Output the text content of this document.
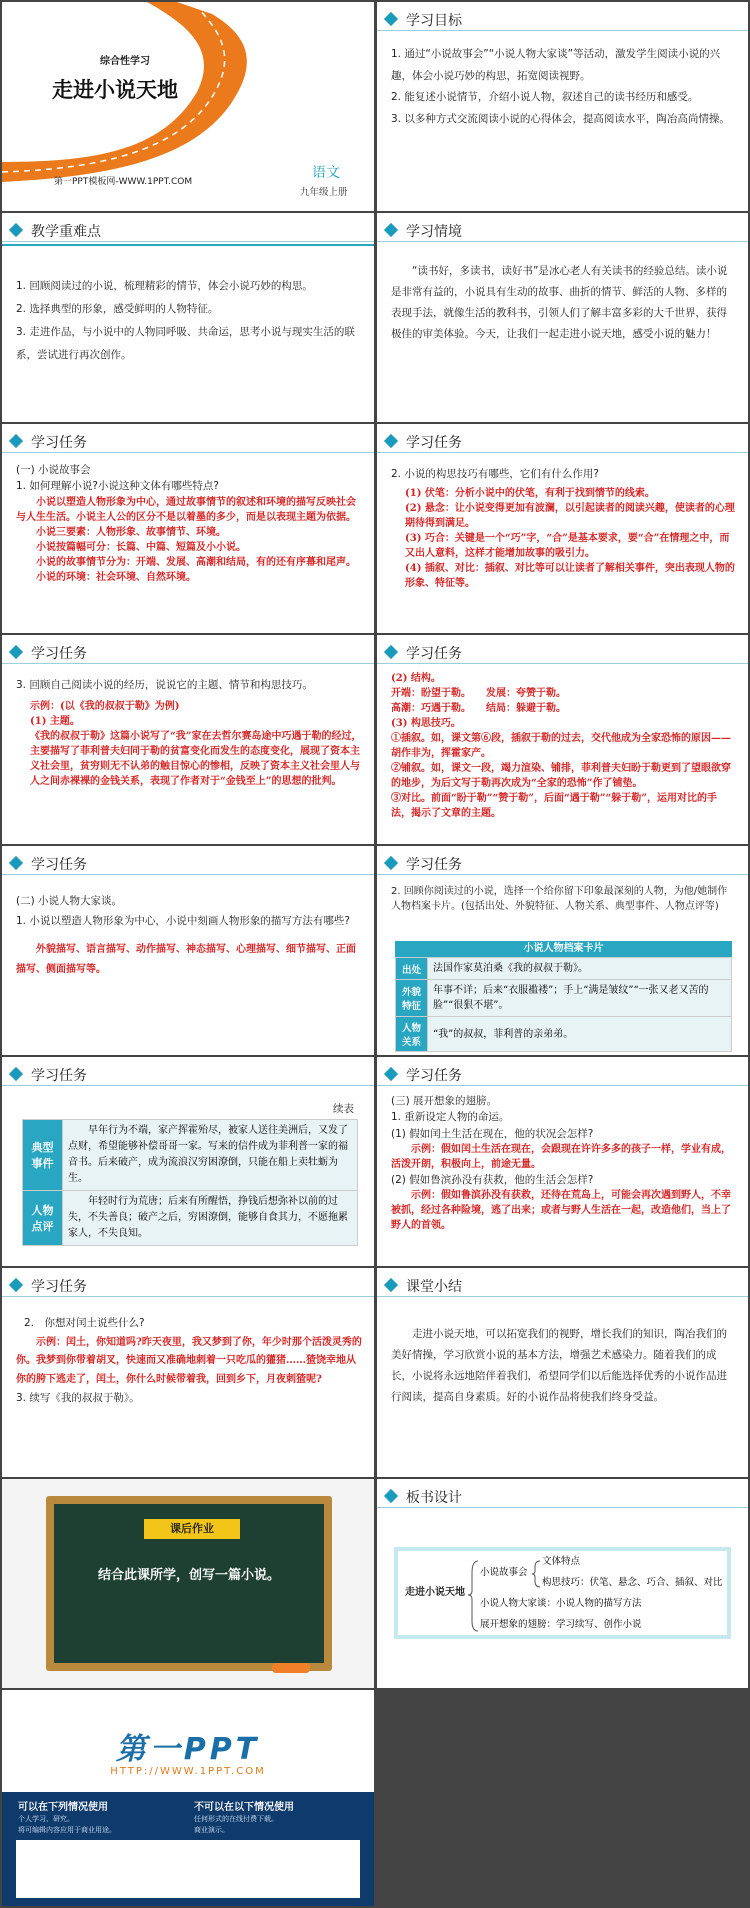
综合性学习
走进小说天地
第一PPT模板网-WWW.1PPT.COM
语文
九年级上册
学习目标

1. 通过“小说故事会”“小说人物大家谈”等活动，激发学生阅读小说的兴趣，体会小说巧妙的构思，拓宽阅读视野。

2. 能复述小说情节，介绍小说人物，叙述自己的读书经历和感受。

3. 以多种方式交流阅读小说的心得体会，提高阅读水平，陶冶高尚情操。

教学重难点

1. 回顾阅读过的小说，梳理精彩的情节，体会小说巧妙的构思。

2. 选择典型的形象，感受鲜明的人物特征。

3. 走进作品，与小说中的人物同呼吸、共命运，思考小说与现实生活的联系，尝试进行再次创作。

学习情境

“读书好，多读书，读好书”是冰心老人有关读书的经验总结。读小说是非常有益的，小说具有生动的故事、曲折的情节、鲜活的人物、多样的表现手法，就像生活的教科书，引领人们了解丰富多彩的大千世界，获得极佳的审美体验。今天，让我们一起走进小说天地，感受小说的魅力！

学习任务

(一) 小说故事会

1. 如何理解小说?小说这种文体有哪些特点?

小说以塑造人物形象为中心，通过故事情节的叙述和环境的描写反映社会与人生生活。小说主人公的区分不是以着墨的多少，而是以表现主题为依据。

小说三要素：人物形象、故事情节、环境。

小说按篇幅可分：长篇、中篇、短篇及小小说。

小说的故事情节分为：开端、发展、高潮和结局，有的还有序幕和尾声。

小说的环境：社会环境、自然环境。

学习任务

2. 小说的构思技巧有哪些，它们有什么作用?

(1) 伏笔：分析小说中的伏笔，有利于找到情节的线索。

(2) 悬念：让小说变得更加有波澜，以引起读者的阅读兴趣，使读者的心理期待得到满足。

(3) 巧合：关键是一个“巧”字，“合”是基本要求，要“合”在情理之中，而又出人意料，这样才能增加故事的吸引力。

(4) 插叙、对比：插叙、对比等可以让读者了解相关事件，突出表现人物的形象、特征等。

学习任务

3. 回顾自己阅读小说的经历，说说它的主题、情节和构思技巧。

示例：(以《我的叔叔于勒》为例)

(1) 主题。

《我的叔叔于勒》这篇小说写了“我”家在去哲尔赛岛途中巧遇于勒的经过，主要描写了菲利普夫妇同于勒的贫富变化而发生的态度变化，展现了资本主义社会里，贫穷则无不认弟的触目惊心的惨相，反映了资本主义社会里人与人之间赤裸裸的金钱关系，表现了作者对于“金钱至上”的思想的批判。

学习任务

(2) 结构。

开端：盼望于勒。　　发展：夸赞于勒。

高潮：巧遇于勒。　　结局：躲避于勒。

(3) 构思技巧。

①插叙。如，课文第⑥段，插叙于勒的过去，交代他成为全家恐怖的原因——胡作非为，挥霍家产。

②铺叙。如，课文一段，竭力渲染、铺排，菲利普夫妇盼于勒更到了望眼欲穿的地步，为后文写于勒再次成为“全家的恐怖”作了铺垫。

③对比。前面“盼于勒”“赞于勒”，后面“遇于勒”“躲于勒”，运用对比的手法，揭示了文章的主题。

学习任务

(二) 小说人物大家谈。

1. 小说以塑造人物形象为中心，小说中刻画人物形象的描写方法有哪些?

外貌描写、语言描写、动作描写、神态描写、心理描写、细节描写、正面描写、侧面描写等。

学习任务

2. 回顾你阅读过的小说，选择一个给你留下印象最深刻的人物，为他/她制作人物档案卡片。(包括出处、外貌特征、人物关系、典型事件、人物点评等)

小说人物档案卡片
出处	法国作家莫泊桑《我的叔叔于勒》。
外貌特征	年事不详；后来“衣服褴褛”；手上“满是皱纹”“一张又老又苦的脸”“很狠不堪”。
人物关系	“我”的叔叔，菲利普的亲弟弟。
学习任务
续表
典型事件	早年行为不端，家产挥霍殆尽，被家人送往美洲后，又发了点财，希望能够补偿哥哥一家。写来的信件成为菲利普一家的福音书。后来破产，成为流浪汉穷困潦倒，只能在船上卖牡蛎为生。
人物点评	年轻时行为荒唐；后来有所醒悟，挣钱后想弥补以前的过失，不失善良；破产之后，穷困潦倒，能够自食其力，不愿拖累家人，不失良知。
学习任务

(三) 展开想象的翅膀。

1. 重新设定人物的命运。

(1) 假如闰土生活在现在，他的状况会怎样?

示例：假如闰土生活在现在，会跟现在许许多多的孩子一样，学业有成，活泼开朗，积极向上，前途无量。

(2) 假如鲁滨孙没有获救，他的生活会怎样?

示例：假如鲁滨孙没有获救，还待在荒岛上，可能会再次遇到野人，不幸被抓，经过各种险境，逃了出来；或者与野人生活在一起，改造他们，当上了野人的首领。

学习任务

2.　你想对闰土说些什么?

示例：闰土，你知道吗?昨天夜里，我又梦到了你，年少时那个活泼灵秀的你。我梦到你带着胡叉，快速而又准确地刺着一只吃瓜的獾猪……猹饶幸地从你的胯下逃走了，闰土，你什么时候带着我，回到乡下，月夜刺猹呢?

3. 续写《我的叔叔于勒》。

课堂小结

走进小说天地，可以拓宽我们的视野，增长我们的知识，陶冶我们的美好情操，学习欣赏小说的基本方法，增强艺术感染力。随着我们的成长，小说将永远地陪伴着我们，希望同学们以后能选择优秀的小说作品进行阅读，提高自身素质。好的小说作品将使我们终身受益。

课后作业
结合此课所学，创写一篇小说。
板书设计
走进小说天地
小说故事会
文体特点
构思技巧：伏笔、悬念、巧合、插叙、对比
小说人物大家谈：小说人物的描写方法
展开想象的翅膀：学习续写、创作小说
第一PPT
HTTP://WWW.1PPT.COM
可以在下列情况使用
个人学习、研究。
将可编辑内容应用于商业用途。
不可以在以下情况使用
任何形式的在线付费下载。
商业演示。
